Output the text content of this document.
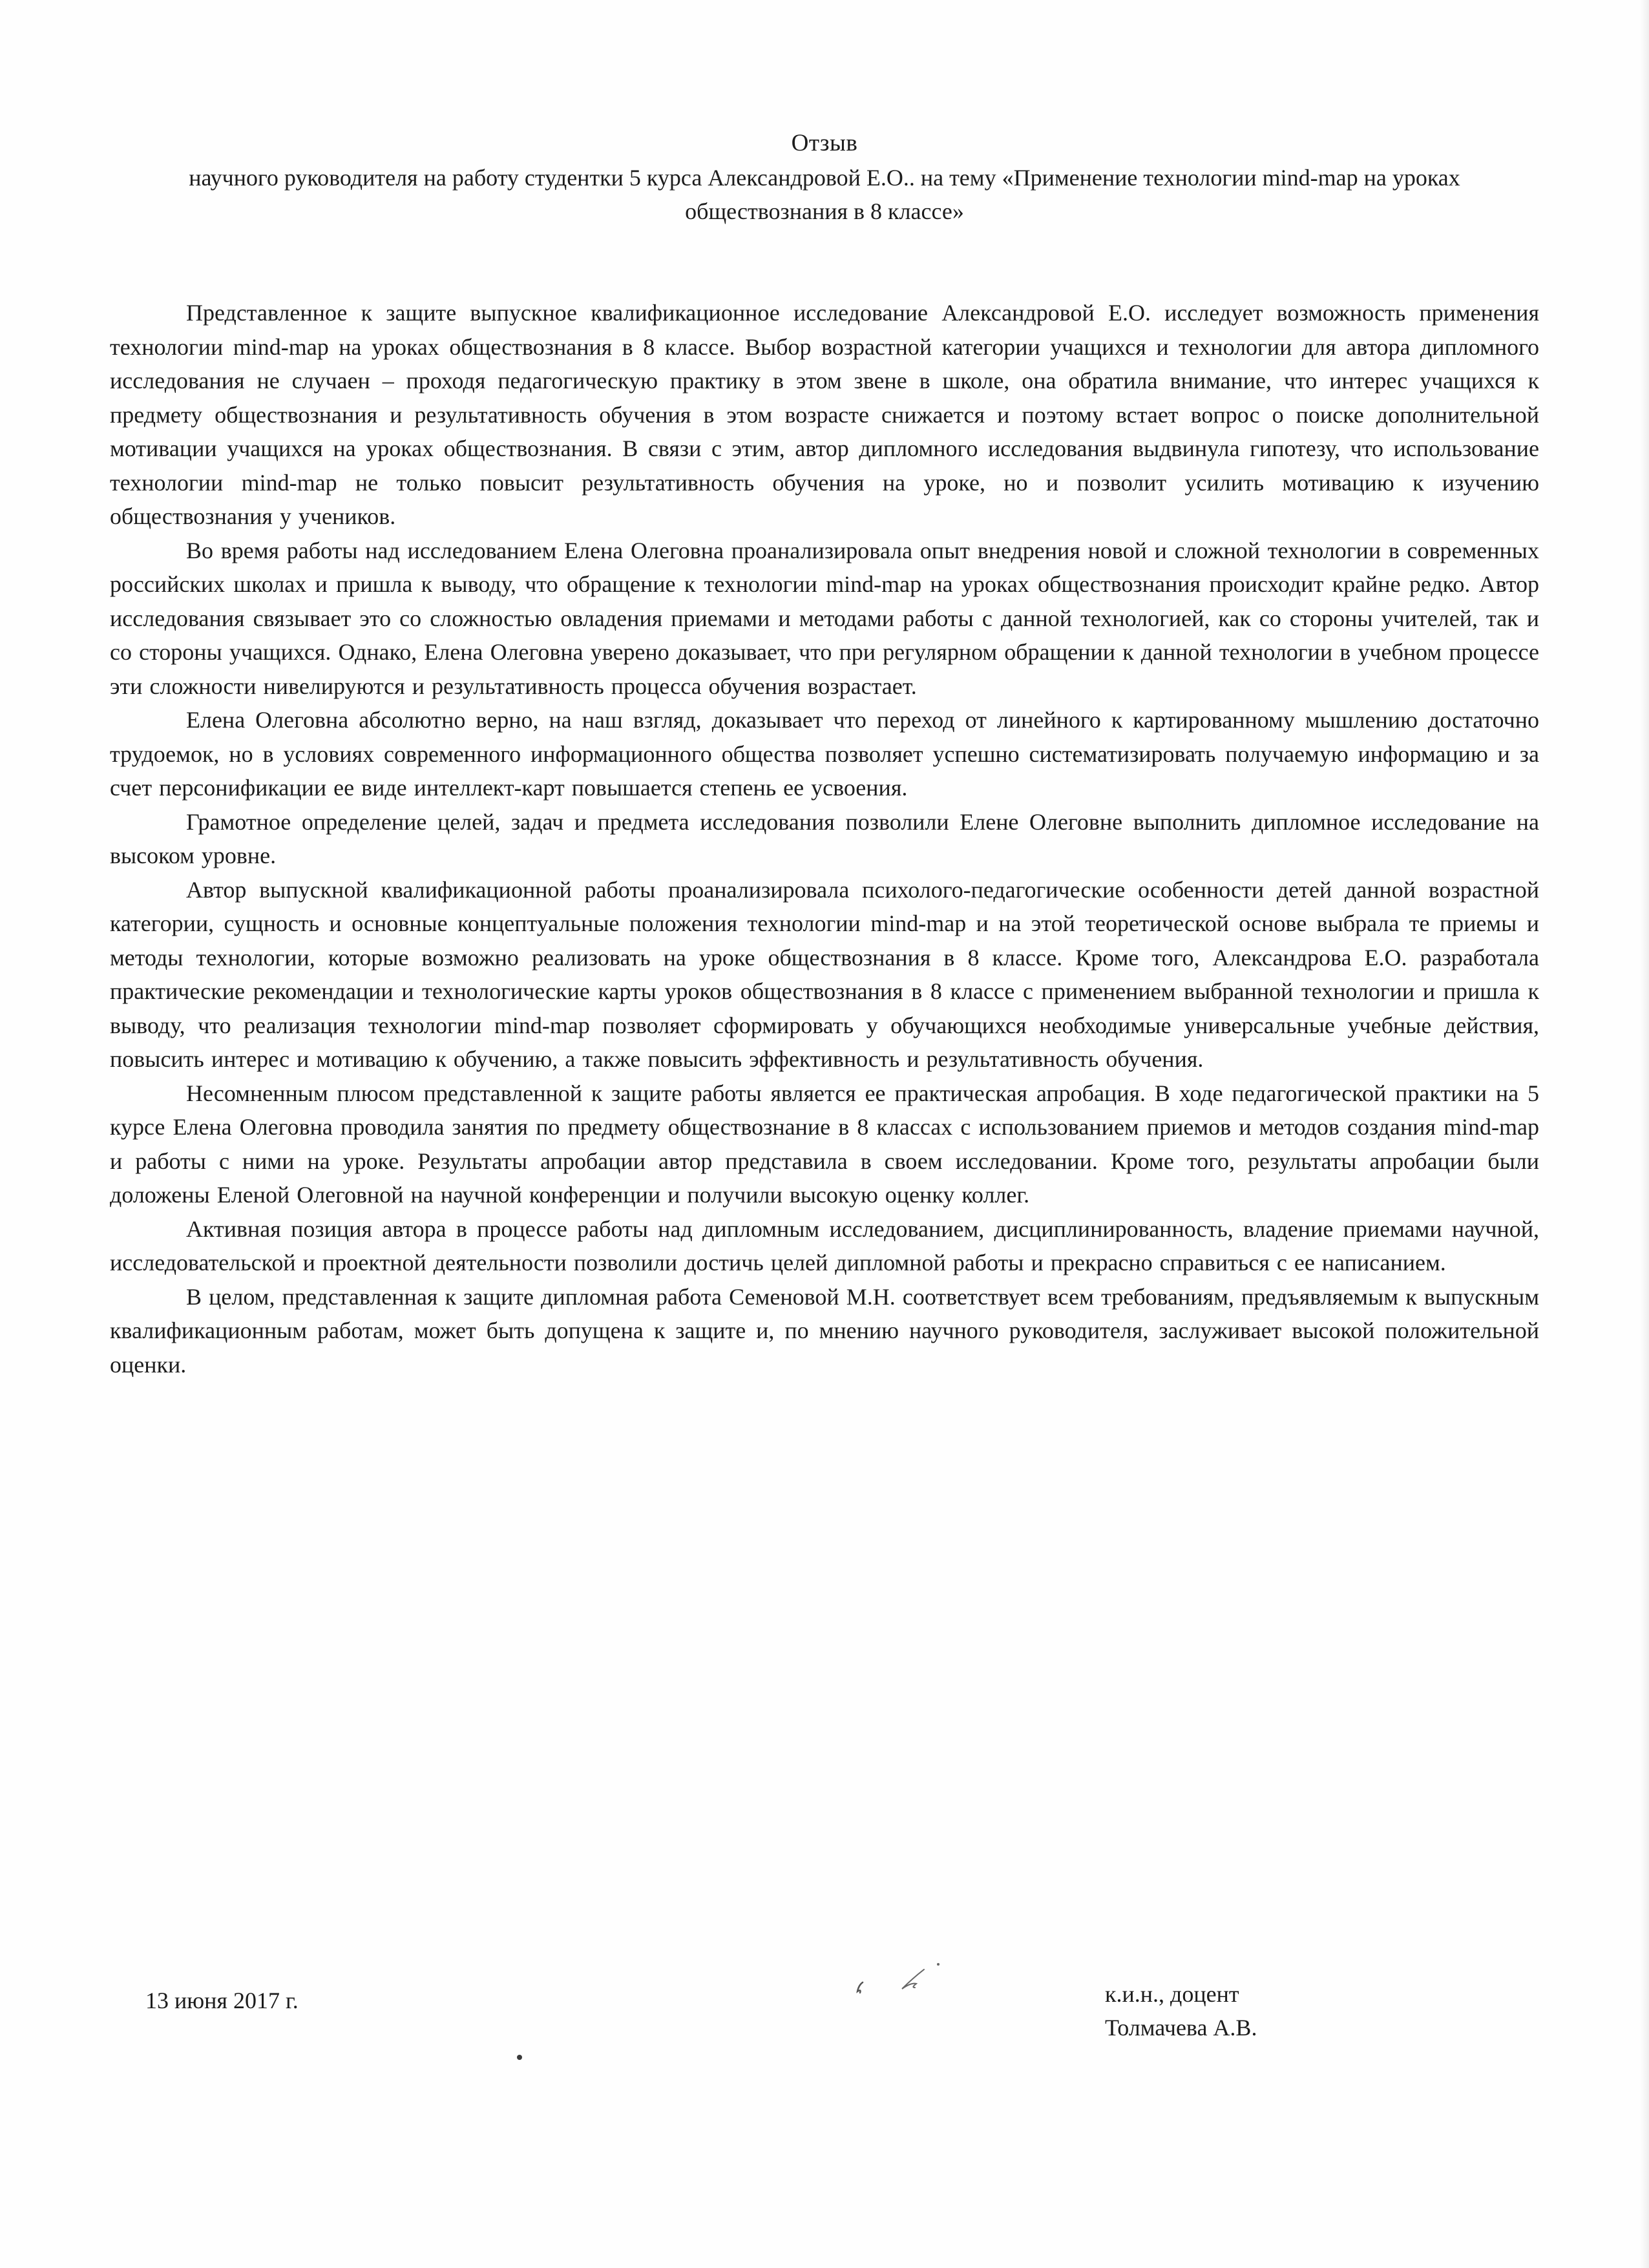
Отзыв
научного руководителя на работу студентки 5 курса Александровой Е.О.. на тему «Применение технологии mind-map на уроках обществознания в 8 классе»

Представленное к защите выпускное квалификационное исследование Александровой Е.О. исследует возможность применения технологии mind-map на уроках обществознания в 8 классе. Выбор возрастной категории учащихся и технологии для автора дипломного исследования не случаен – проходя педагогическую практику в этом звене в школе, она обратила внимание, что интерес учащихся к предмету обществознания и результативность обучения в этом возрасте снижается и поэтому встает вопрос о поиске дополнительной мотивации учащихся на уроках обществознания. В связи с этим, автор дипломного исследования выдвинула гипотезу, что использование технологии mind-map не только повысит результативность обучения на уроке, но и позволит усилить мотивацию к изучению обществознания у учеников.

Во время работы над исследованием Елена Олеговна проанализировала опыт внедрения новой и сложной технологии в современных российских школах и пришла к выводу, что обращение к технологии mind-map на уроках обществознания происходит крайне редко. Автор исследования связывает это со сложностью овладения приемами и методами работы с данной технологией, как со стороны учителей, так и со стороны учащихся. Однако, Елена Олеговна уверено доказывает, что при регулярном обращении к данной технологии в учебном процессе эти сложности нивелируются и результативность процесса обучения возрастает.

Елена Олеговна абсолютно верно, на наш взгляд, доказывает что переход от линейного к картированному мышлению достаточно трудоемок, но в условиях современного информационного общества позволяет успешно систематизировать получаемую информацию и за счет персонификации ее виде интеллект-карт повышается степень ее усвоения.

Грамотное определение целей, задач и предмета исследования позволили Елене Олеговне выполнить дипломное исследование на высоком уровне.

Автор выпускной квалификационной работы проанализировала психолого-педагогические особенности детей данной возрастной категории, сущность и основные концептуальные положения технологии mind-map и на этой теоретической основе выбрала те приемы и методы технологии, которые возможно реализовать на уроке обществознания в 8 классе. Кроме того, Александрова Е.О. разработала практические рекомендации и технологические карты уроков обществознания в 8 классе с применением выбранной технологии и пришла к выводу, что реализация технологии mind-map позволяет сформировать у обучающихся необходимые универсальные учебные действия, повысить интерес и мотивацию к обучению, а также повысить эффективность и результативность обучения.

Несомненным плюсом представленной к защите работы является ее практическая апробация. В ходе педагогической практики на 5 курсе Елена Олеговна проводила занятия по предмету обществознание в 8 классах с использованием приемов и методов создания mind-map и работы с ними на уроке. Результаты апробации автор представила в своем исследовании. Кроме того, результаты апробации были доложены Еленой Олеговной на научной конференции и получили высокую оценку коллег.

Активная позиция автора в процессе работы над дипломным исследованием, дисциплинированность, владение приемами научной, исследовательской и проектной деятельности позволили достичь целей дипломной работы и прекрасно справиться с ее написанием.

В целом, представленная к защите дипломная работа Семеновой М.Н. соответствует всем требованиям, предъявляемым к выпускным квалификационным работам, может быть допущена к защите и, по мнению научного руководителя, заслуживает высокой положительной оценки.

13 июня 2017 г.	к.и.н., доцент
Толмачева А.В.
